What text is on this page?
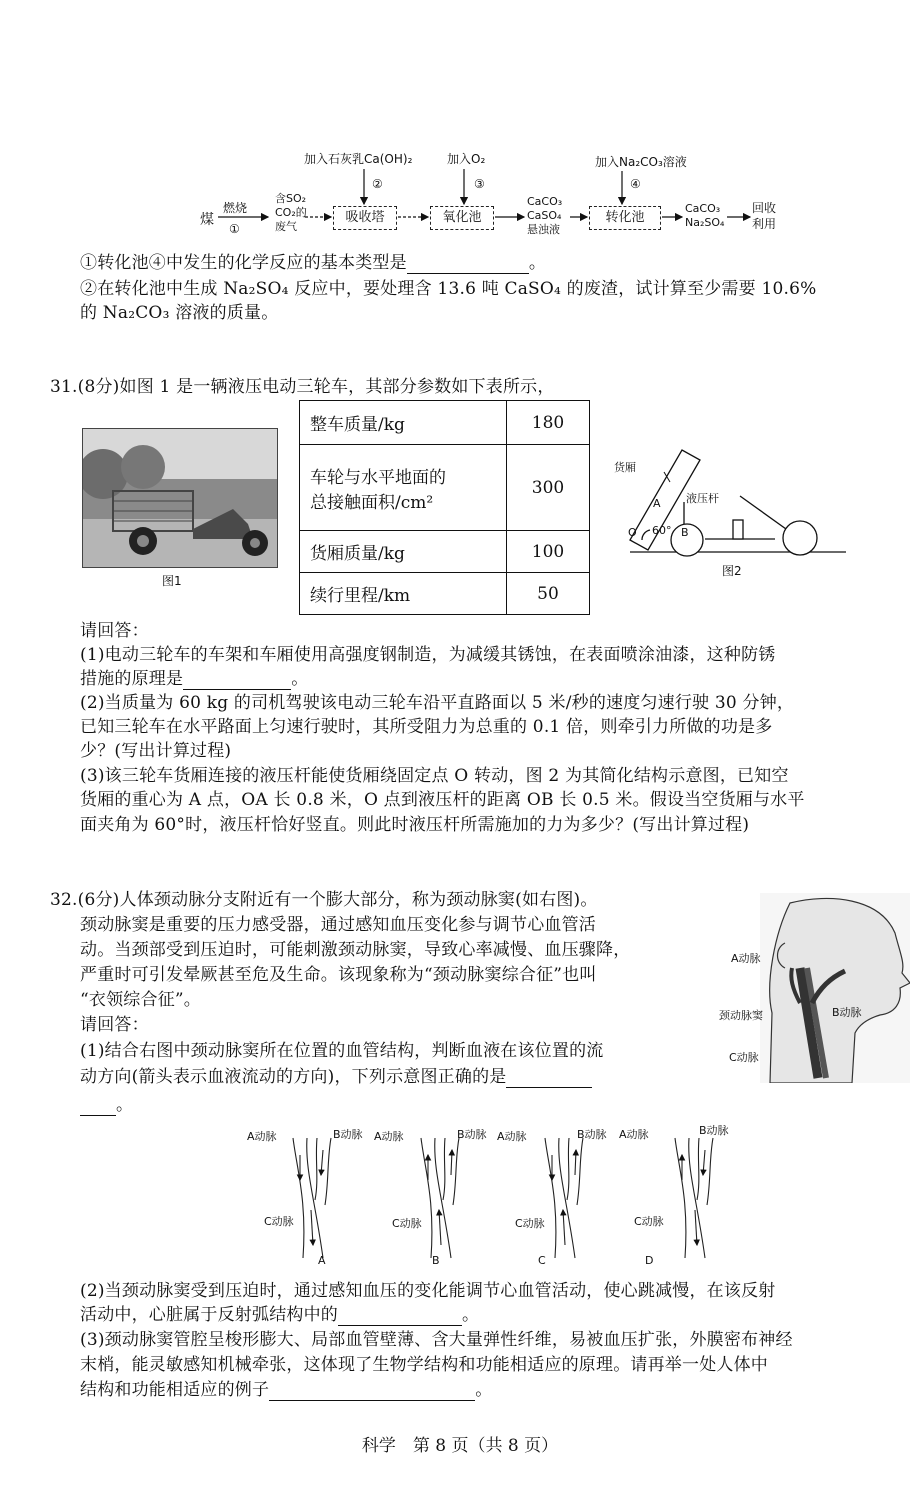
加入石灰乳Ca(OH)₂	加入O₂	加入Na₂CO₃溶液
②	③	④
煤
燃烧
①
含SO₂
CO₂的
废气
吸收塔	氧化池	转化池
CaCO₃
CaSO₄
悬浊液
CaCO₃
Na₂SO₄
回收
利用
①转化池④中发生的化学反应的基本类型是	。
②在转化池中生成 Na₂SO₄ 反应中，要处理含 13.6 吨 CaSO₄ 的废渣，试计算至少需要 10.6%
的 Na₂CO₃ 溶液的质量。
31.(8分)如图 1 是一辆液压电动三轮车，其部分参数如下表所示，
图1
整车质量/kg	180

车轮与水平地面的
总接触面积/cm²	300
货厢质量/kg	100
续行里程/km	50
货厢
A 液压杆
O 60° B
图2
请回答：
(1)电动三轮车的车架和车厢使用高强度钢制造，为减缓其锈蚀，在表面喷涂油漆，这种防锈
措施的原理是	。
(2)当质量为 60 kg 的司机驾驶该电动三轮车沿平直路面以 5 米/秒的速度匀速行驶 30 分钟，
已知三轮车在水平路面上匀速行驶时，其所受阻力为总重的 0.1 倍，则牵引力所做的功是多
少？(写出计算过程)
(3)该三轮车货厢连接的液压杆能使货厢绕固定点 O 转动，图 2 为其简化结构示意图，已知空
货厢的重心为 A 点，OA 长 0.8 米，O 点到液压杆的距离 OB 长 0.5 米。假设当空货厢与水平
面夹角为 60°时，液压杆恰好竖直。则此时液压杆所需施加的力为多少？(写出计算过程)
32.(6分)人体颈动脉分支附近有一个膨大部分，称为颈动脉窦(如右图)。
颈动脉窦是重要的压力感受器，通过感知血压变化参与调节心血管活
动。当颈部受到压迫时，可能刺激颈动脉窦，导致心率减慢、血压骤降，
严重时可引发晕厥甚至危及生命。该现象称为“颈动脉窦综合征”也叫
“衣领综合征”。
请回答：
(1)结合右图中颈动脉窦所在位置的血管结构，判断血液在该位置的流
动方向(箭头表示血液流动的方向)，下列示意图正确的是
。
A动脉
颈动脉窦	B动脉
C动脉
A动脉	B动脉
C动脉
A
A动脉	B动脉
C动脉
B
A动脉	B动脉
C动脉
C
A动脉	B动脉
C动脉
D
(2)当颈动脉窦受到压迫时，通过感知血压的变化能调节心血管活动，使心跳减慢，在该反射
活动中，心脏属于反射弧结构中的	。
(3)颈动脉窦管腔呈梭形膨大、局部血管壁薄、含大量弹性纤维，易被血压扩张，外膜密布神经
末梢，能灵敏感知机械牵张，这体现了生物学结构和功能相适应的原理。请再举一处人体中
结构和功能相适应的例子	。
科学　第 8 页（共 8 页）
